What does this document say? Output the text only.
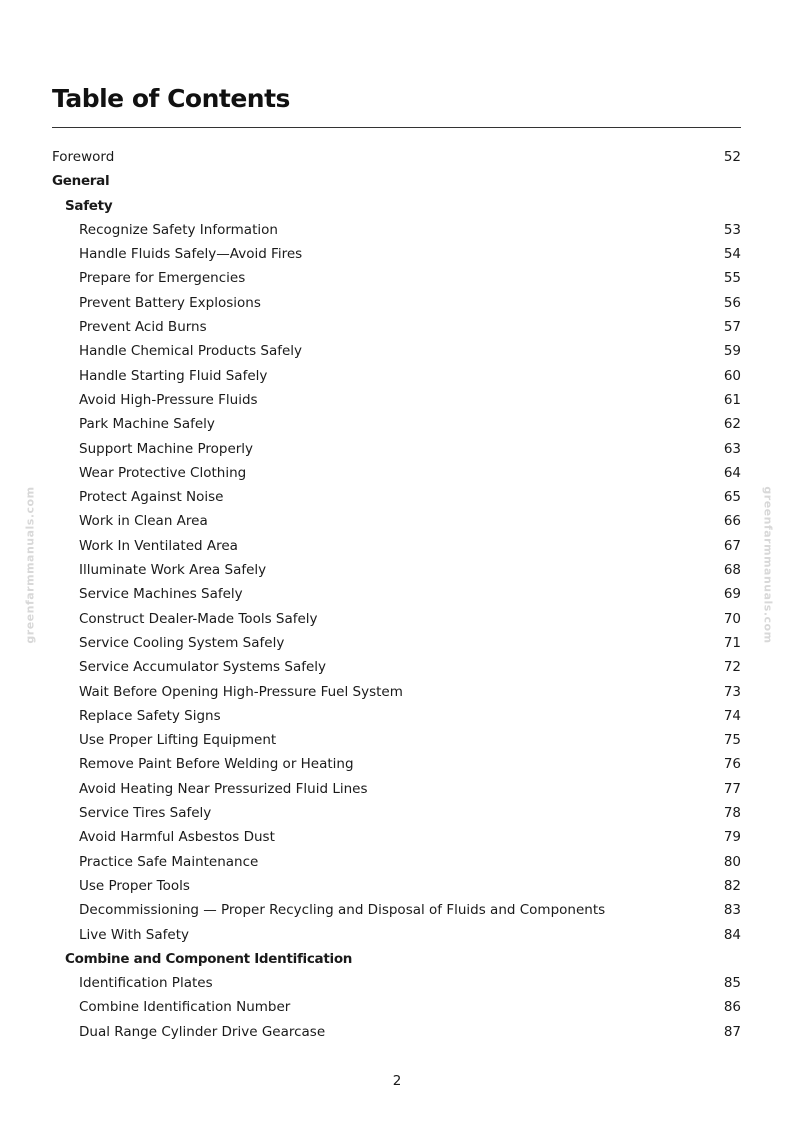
Table of Contents
Foreword	52
General
Safety
Recognize Safety Information	53
Handle Fluids Safely—Avoid Fires	54
Prepare for Emergencies	55
Prevent Battery Explosions	56
Prevent Acid Burns	57
Handle Chemical Products Safely	59
Handle Starting Fluid Safely	60
Avoid High-Pressure Fluids	61
Park Machine Safely	62
Support Machine Properly	63
Wear Protective Clothing	64
Protect Against Noise	65
Work in Clean Area	66
Work In Ventilated Area	67
Illuminate Work Area Safely	68
Service Machines Safely	69
Construct Dealer-Made Tools Safely	70
Service Cooling System Safely	71
Service Accumulator Systems Safely	72
Wait Before Opening High-Pressure Fuel System	73
Replace Safety Signs	74
Use Proper Lifting Equipment	75
Remove Paint Before Welding or Heating	76
Avoid Heating Near Pressurized Fluid Lines	77
Service Tires Safely	78
Avoid Harmful Asbestos Dust	79
Practice Safe Maintenance	80
Use Proper Tools	82
Decommissioning — Proper Recycling and Disposal of Fluids and Components	83
Live With Safety	84
Combine and Component Identification
Identification Plates	85
Combine Identification Number	86
Dual Range Cylinder Drive Gearcase	87
greenfarmmanuals.com	greenfarmmanuals.com
2
